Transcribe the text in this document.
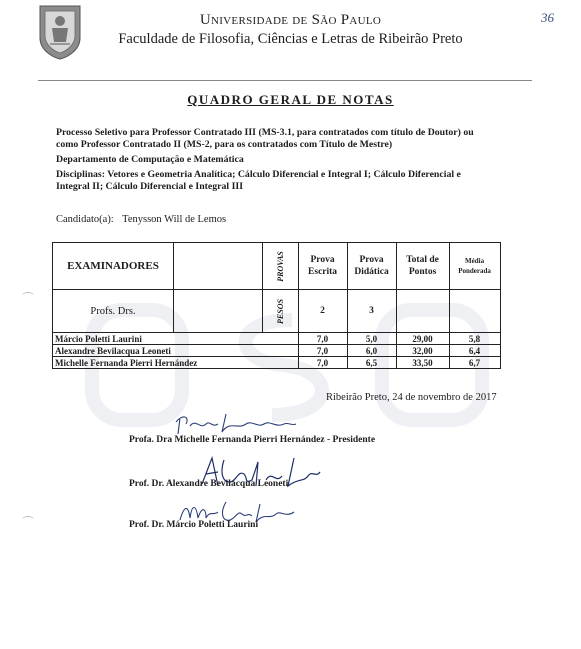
36
Universidade de São Paulo
Faculdade de Filosofia, Ciências e Letras de Ribeirão Preto
QUADRO GERAL DE NOTAS
Processo Seletivo para Professor Contratado III (MS-3.1, para contratados com título de Doutor) ou
como Professor Contratado II (MS-2, para os contratados com Título de Mestre)
Departamento de Computação e Matemática
Disciplinas: Vetores e Geometria Analítica; Cálculo Diferencial e Integral I; Cálculo Diferencial e
Integral II; Cálculo Diferencial e Integral III
Candidato(a): Tenysson Will de Lemos
EXAMINADORES		PROVAS	Prova Escrita	Prova Didática	Total de Pontos	Média Ponderada
Profs. Drs.		PESOS	2	3		
Márcio Poletti Laurini			7,0	5,0	29,00	5,8
Alexandre Bevilacqua Leoneti			7,0	6,0	32,00	6,4
Michelle Fernanda Pierri Hernández			7,0	6,5	33,50	6,7
Ribeirão Preto, 24 de novembro de 2017
Profa. Dra Michelle Fernanda Pierri Hernández - Presidente
Prof. Dr. Alexandre Bevilacqua Leoneti
Prof. Dr. Márcio Poletti Laurini
